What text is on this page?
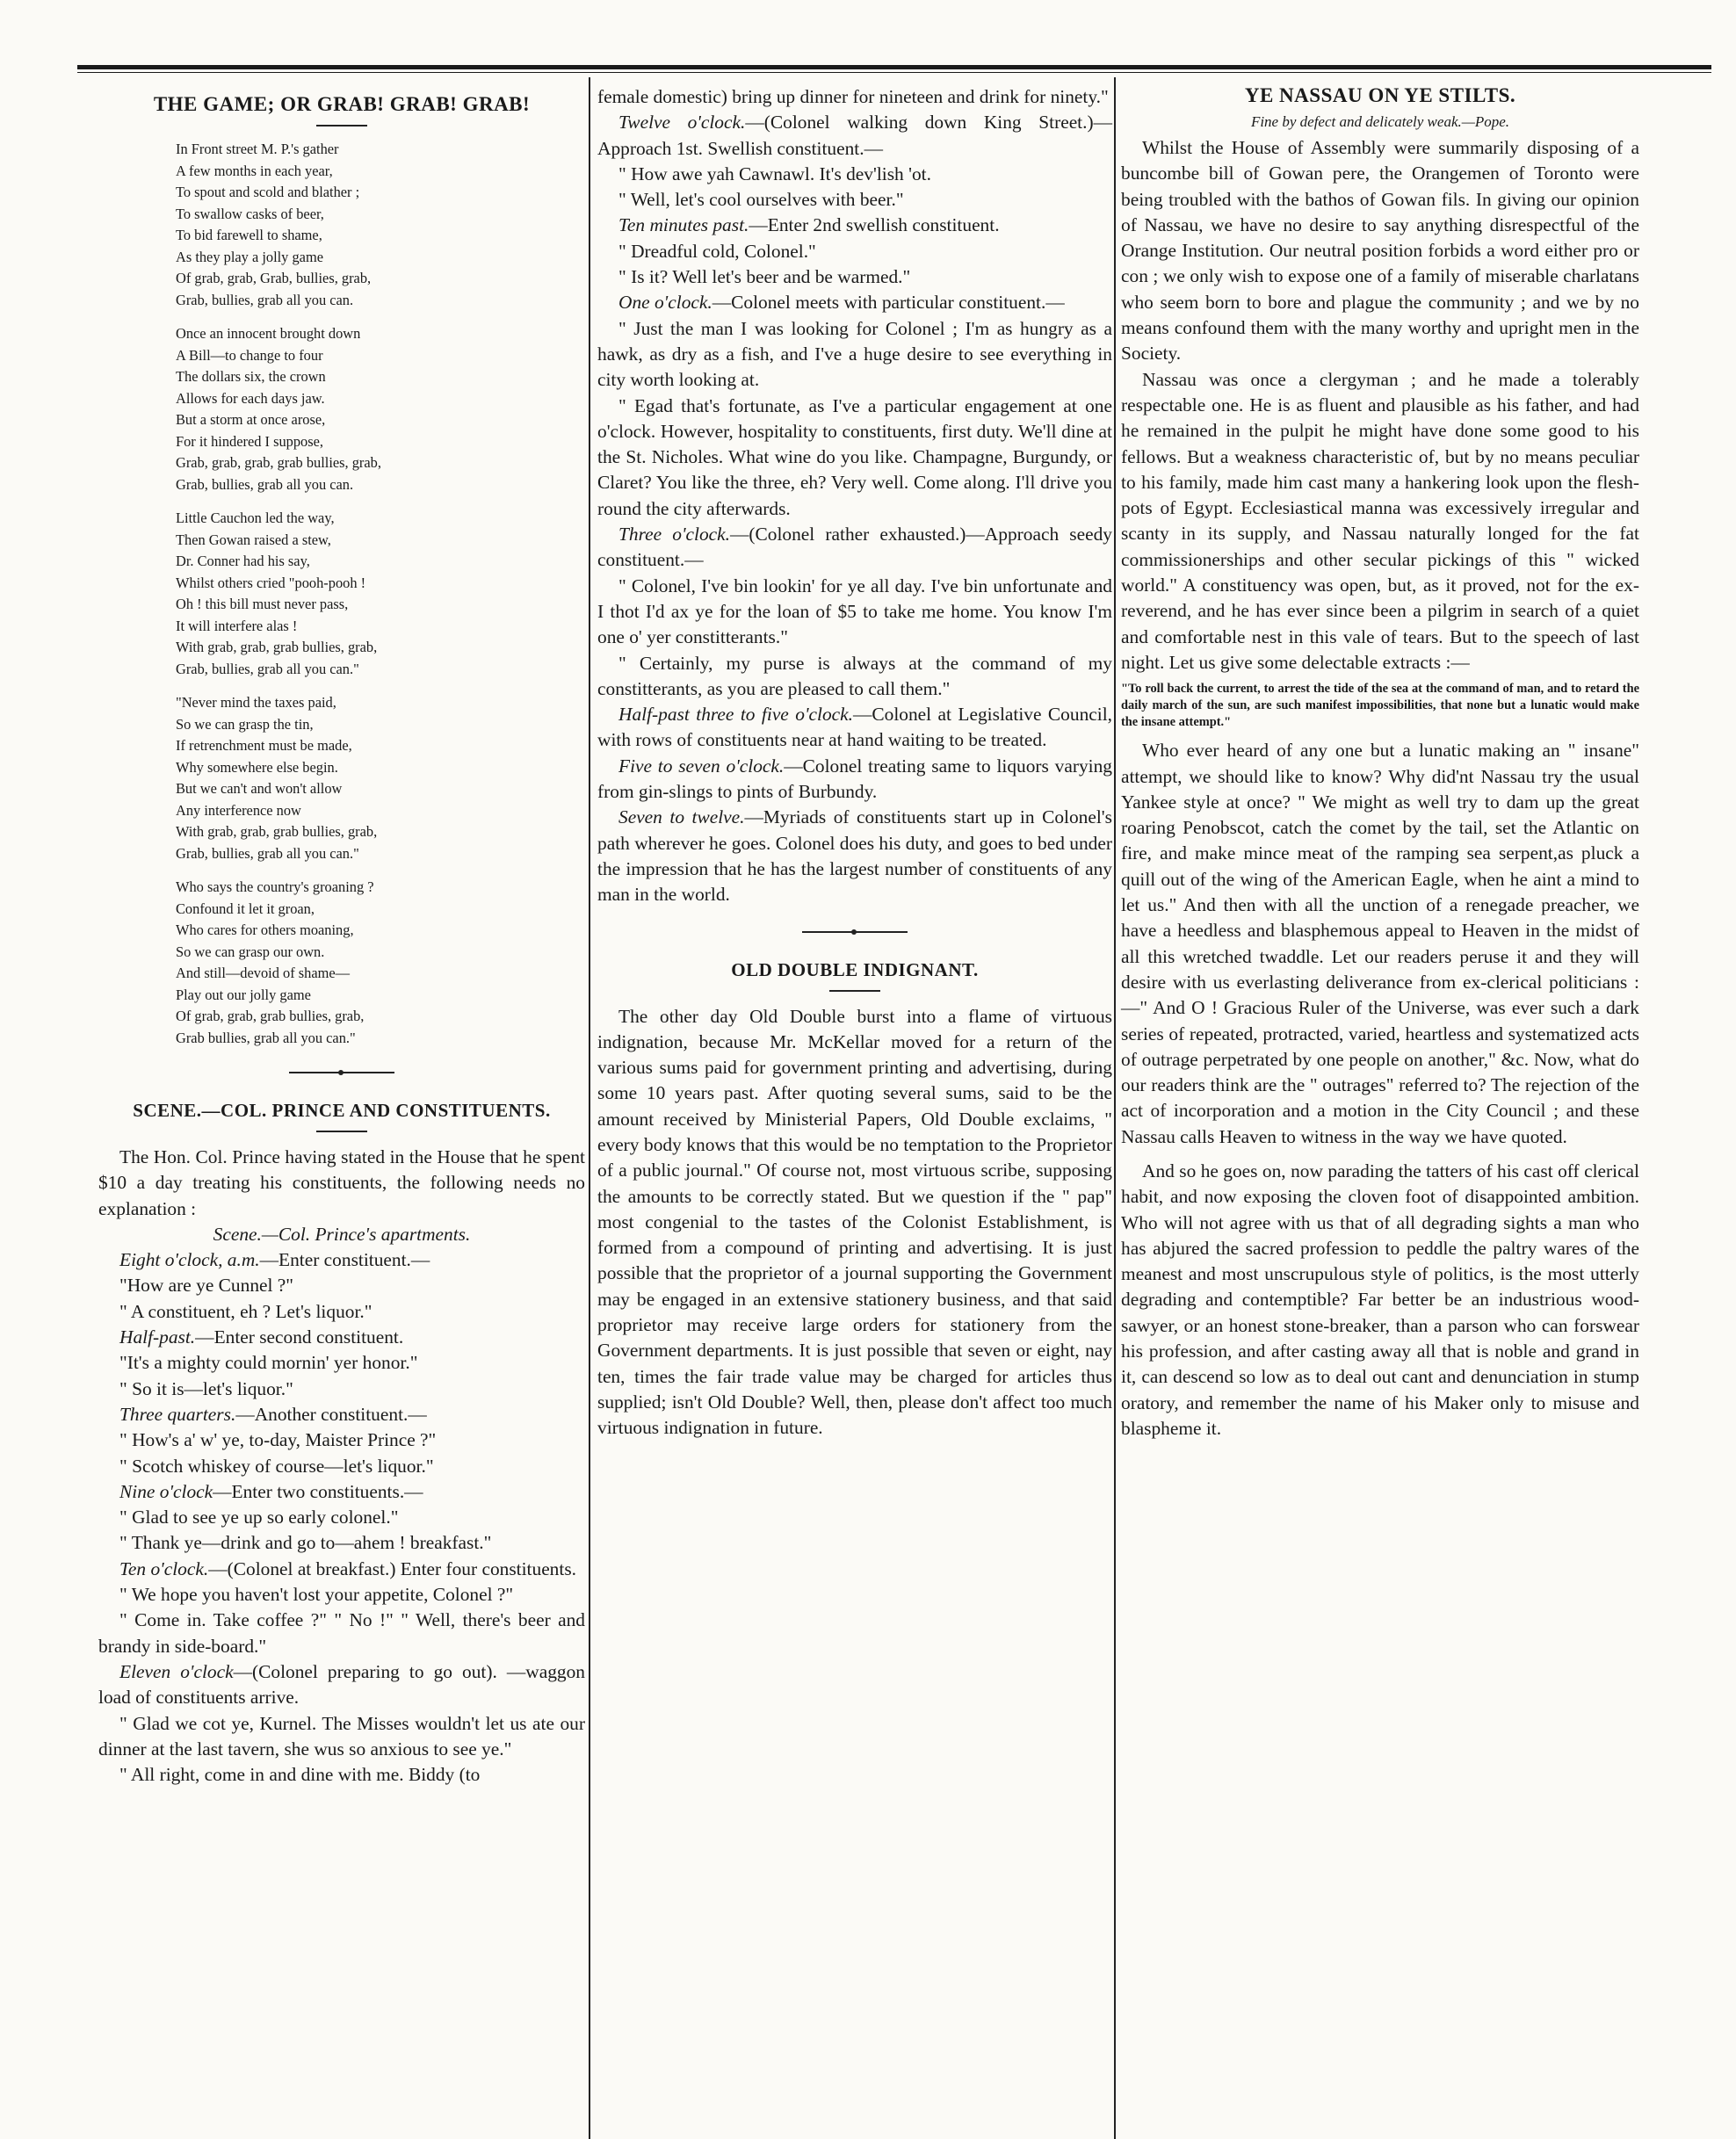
THE GAME; OR GRAB! GRAB! GRAB!
In Front street M. P.'s gather
A few months in each year,
To spout and scold and blather ;
To swallow casks of beer,
To bid farewell to shame,
As they play a jolly game
Of grab, grab, Grab, bullies, grab,
Grab, bullies, grab all you can.
Once an innocent brought down
A Bill—to change to four
The dollars six, the crown
Allows for each days jaw.
But a storm at once arose,
For it hindered I suppose,
Grab, grab, grab, grab bullies, grab,
Grab, bullies, grab all you can.
Little Cauchon led the way,
Then Gowan raised a stew,
Dr. Conner had his say,
Whilst others cried "pooh-pooh !
Oh ! this bill must never pass,
It will interfere alas !
With grab, grab, grab bullies, grab,
Grab, bullies, grab all you can."
"Never mind the taxes paid,
So we can grasp the tin,
If retrenchment must be made,
Why somewhere else begin.
But we can't and won't allow
Any interference now
With grab, grab, grab bullies, grab,
Grab, bullies, grab all you can."
Who says the country's groaning ?
Confound it let it groan,
Who cares for others moaning,
So we can grasp our own.
And still—devoid of shame—
Play out our jolly game
Of grab, grab, grab bullies, grab,
Grab bullies, grab all you can."
SCENE.—COL. PRINCE AND CONSTITUENTS.

The Hon. Col. Prince having stated in the House that he spent $10 a day treating his constituents, the following needs no explanation :

Scene.—Col. Prince's apartments.

Eight o'clock, a.m.—Enter constituent.—

"How are ye Cunnel ?"

" A constituent, eh ? Let's liquor."

Half-past.—Enter second constituent.

"It's a mighty could mornin' yer honor."

" So it is—let's liquor."

Three quarters.—Another constituent.—

" How's a' w' ye, to-day, Maister Prince ?"

" Scotch whiskey of course—let's liquor."

Nine o'clock—Enter two constituents.—

" Glad to see ye up so early colonel."

" Thank ye—drink and go to—ahem ! breakfast."

Ten o'clock.—(Colonel at breakfast.) Enter four constituents.

" We hope you haven't lost your appetite, Colonel ?"

" Come in. Take coffee ?" " No !" " Well, there's beer and brandy in side-board."

Eleven o'clock—(Colonel preparing to go out). —waggon load of constituents arrive.

" Glad we cot ye, Kurnel. The Misses wouldn't let us ate our dinner at the last tavern, she wus so anxious to see ye."

" All right, come in and dine with me. Biddy (to

female domestic) bring up dinner for nineteen and drink for ninety."

Twelve o'clock.—(Colonel walking down King Street.)—Approach 1st. Swellish constituent.—

" How awe yah Cawnawl. It's dev'lish 'ot.

" Well, let's cool ourselves with beer."

Ten minutes past.—Enter 2nd swellish constituent.

" Dreadful cold, Colonel."

" Is it? Well let's beer and be warmed."

One o'clock.—Colonel meets with particular constituent.—

" Just the man I was looking for Colonel ; I'm as hungry as a hawk, as dry as a fish, and I've a huge desire to see everything in city worth looking at.

" Egad that's fortunate, as I've a particular engagement at one o'clock. However, hospitality to constituents, first duty. We'll dine at the St. Nicholes. What wine do you like. Champagne, Burgundy, or Claret? You like the three, eh? Very well. Come along. I'll drive you round the city afterwards.

Three o'clock.—(Colonel rather exhausted.)—Approach seedy constituent.—

" Colonel, I've bin lookin' for ye all day. I've bin unfortunate and I thot I'd ax ye for the loan of $5 to take me home. You know I'm one o' yer constitterants."

" Certainly, my purse is always at the command of my constitterants, as you are pleased to call them."

Half-past three to five o'clock.—Colonel at Legislative Council, with rows of constituents near at hand waiting to be treated.

Five to seven o'clock.—Colonel treating same to liquors varying from gin-slings to pints of Burbundy.

Seven to twelve.—Myriads of constituents start up in Colonel's path wherever he goes. Colonel does his duty, and goes to bed under the impression that he has the largest number of constituents of any man in the world.

OLD DOUBLE INDIGNANT.

The other day Old Double burst into a flame of virtuous indignation, because Mr. McKellar moved for a return of the various sums paid for government printing and advertising, during some 10 years past. After quoting several sums, said to be the amount received by Ministerial Papers, Old Double exclaims, " every body knows that this would be no temptation to the Proprietor of a public journal." Of course not, most virtuous scribe, supposing the amounts to be correctly stated. But we question if the " pap" most congenial to the tastes of the Colonist Establishment, is formed from a compound of printing and advertising. It is just possible that the proprietor of a journal supporting the Government may be engaged in an extensive stationery business, and that said proprietor may receive large orders for stationery from the Government departments. It is just possible that seven or eight, nay ten, times the fair trade value may be charged for articles thus supplied; isn't Old Double? Well, then, please don't affect too much virtuous indignation in future.

YE NASSAU ON YE STILTS.
Fine by defect and delicately weak.—Pope.

Whilst the House of Assembly were summarily disposing of a buncombe bill of Gowan pere, the Orangemen of Toronto were being troubled with the bathos of Gowan fils. In giving our opinion of Nassau, we have no desire to say anything disrespectful of the Orange Institution. Our neutral position forbids a word either pro or con ; we only wish to expose one of a family of miserable charlatans who seem born to bore and plague the community ; and we by no means confound them with the many worthy and upright men in the Society.

Nassau was once a clergyman ; and he made a tolerably respectable one. He is as fluent and plausible as his father, and had he remained in the pulpit he might have done some good to his fellows. But a weakness characteristic of, but by no means peculiar to his family, made him cast many a hankering look upon the flesh-pots of Egypt. Ecclesiastical manna was excessively irregular and scanty in its supply, and Nassau naturally longed for the fat commissionerships and other secular pickings of this " wicked world." A constituency was open, but, as it proved, not for the ex-reverend, and he has ever since been a pilgrim in search of a quiet and comfortable nest in this vale of tears. But to the speech of last night. Let us give some delectable extracts :—

"To roll back the current, to arrest the tide of the sea at the command of man, and to retard the daily march of the sun, are such manifest impossibilities, that none but a lunatic would make the insane attempt."

Who ever heard of any one but a lunatic making an " insane" attempt, we should like to know? Why did'nt Nassau try the usual Yankee style at once? " We might as well try to dam up the great roaring Penobscot, catch the comet by the tail, set the Atlantic on fire, and make mince meat of the ramping sea serpent,as pluck a quill out of the wing of the American Eagle, when he aint a mind to let us." And then with all the unction of a renegade preacher, we have a heedless and blasphemous appeal to Heaven in the midst of all this wretched twaddle. Let our readers peruse it and they will desire with us everlasting deliverance from ex-clerical politicians :—" And O ! Gracious Ruler of the Universe, was ever such a dark series of repeated, protracted, varied, heartless and systematized acts of outrage perpetrated by one people on another," &c. Now, what do our readers think are the " outrages" referred to? The rejection of the act of incorporation and a motion in the City Council ; and these Nassau calls Heaven to witness in the way we have quoted.

And so he goes on, now parading the tatters of his cast off clerical habit, and now exposing the cloven foot of disappointed ambition. Who will not agree with us that of all degrading sights a man who has abjured the sacred profession to peddle the paltry wares of the meanest and most unscrupulous style of politics, is the most utterly degrading and contemptible? Far better be an industrious wood-sawyer, or an honest stone-breaker, than a parson who can forswear his profession, and after casting away all that is noble and grand in it, can descend so low as to deal out cant and denunciation in stump oratory, and remember the name of his Maker only to misuse and blaspheme it.
